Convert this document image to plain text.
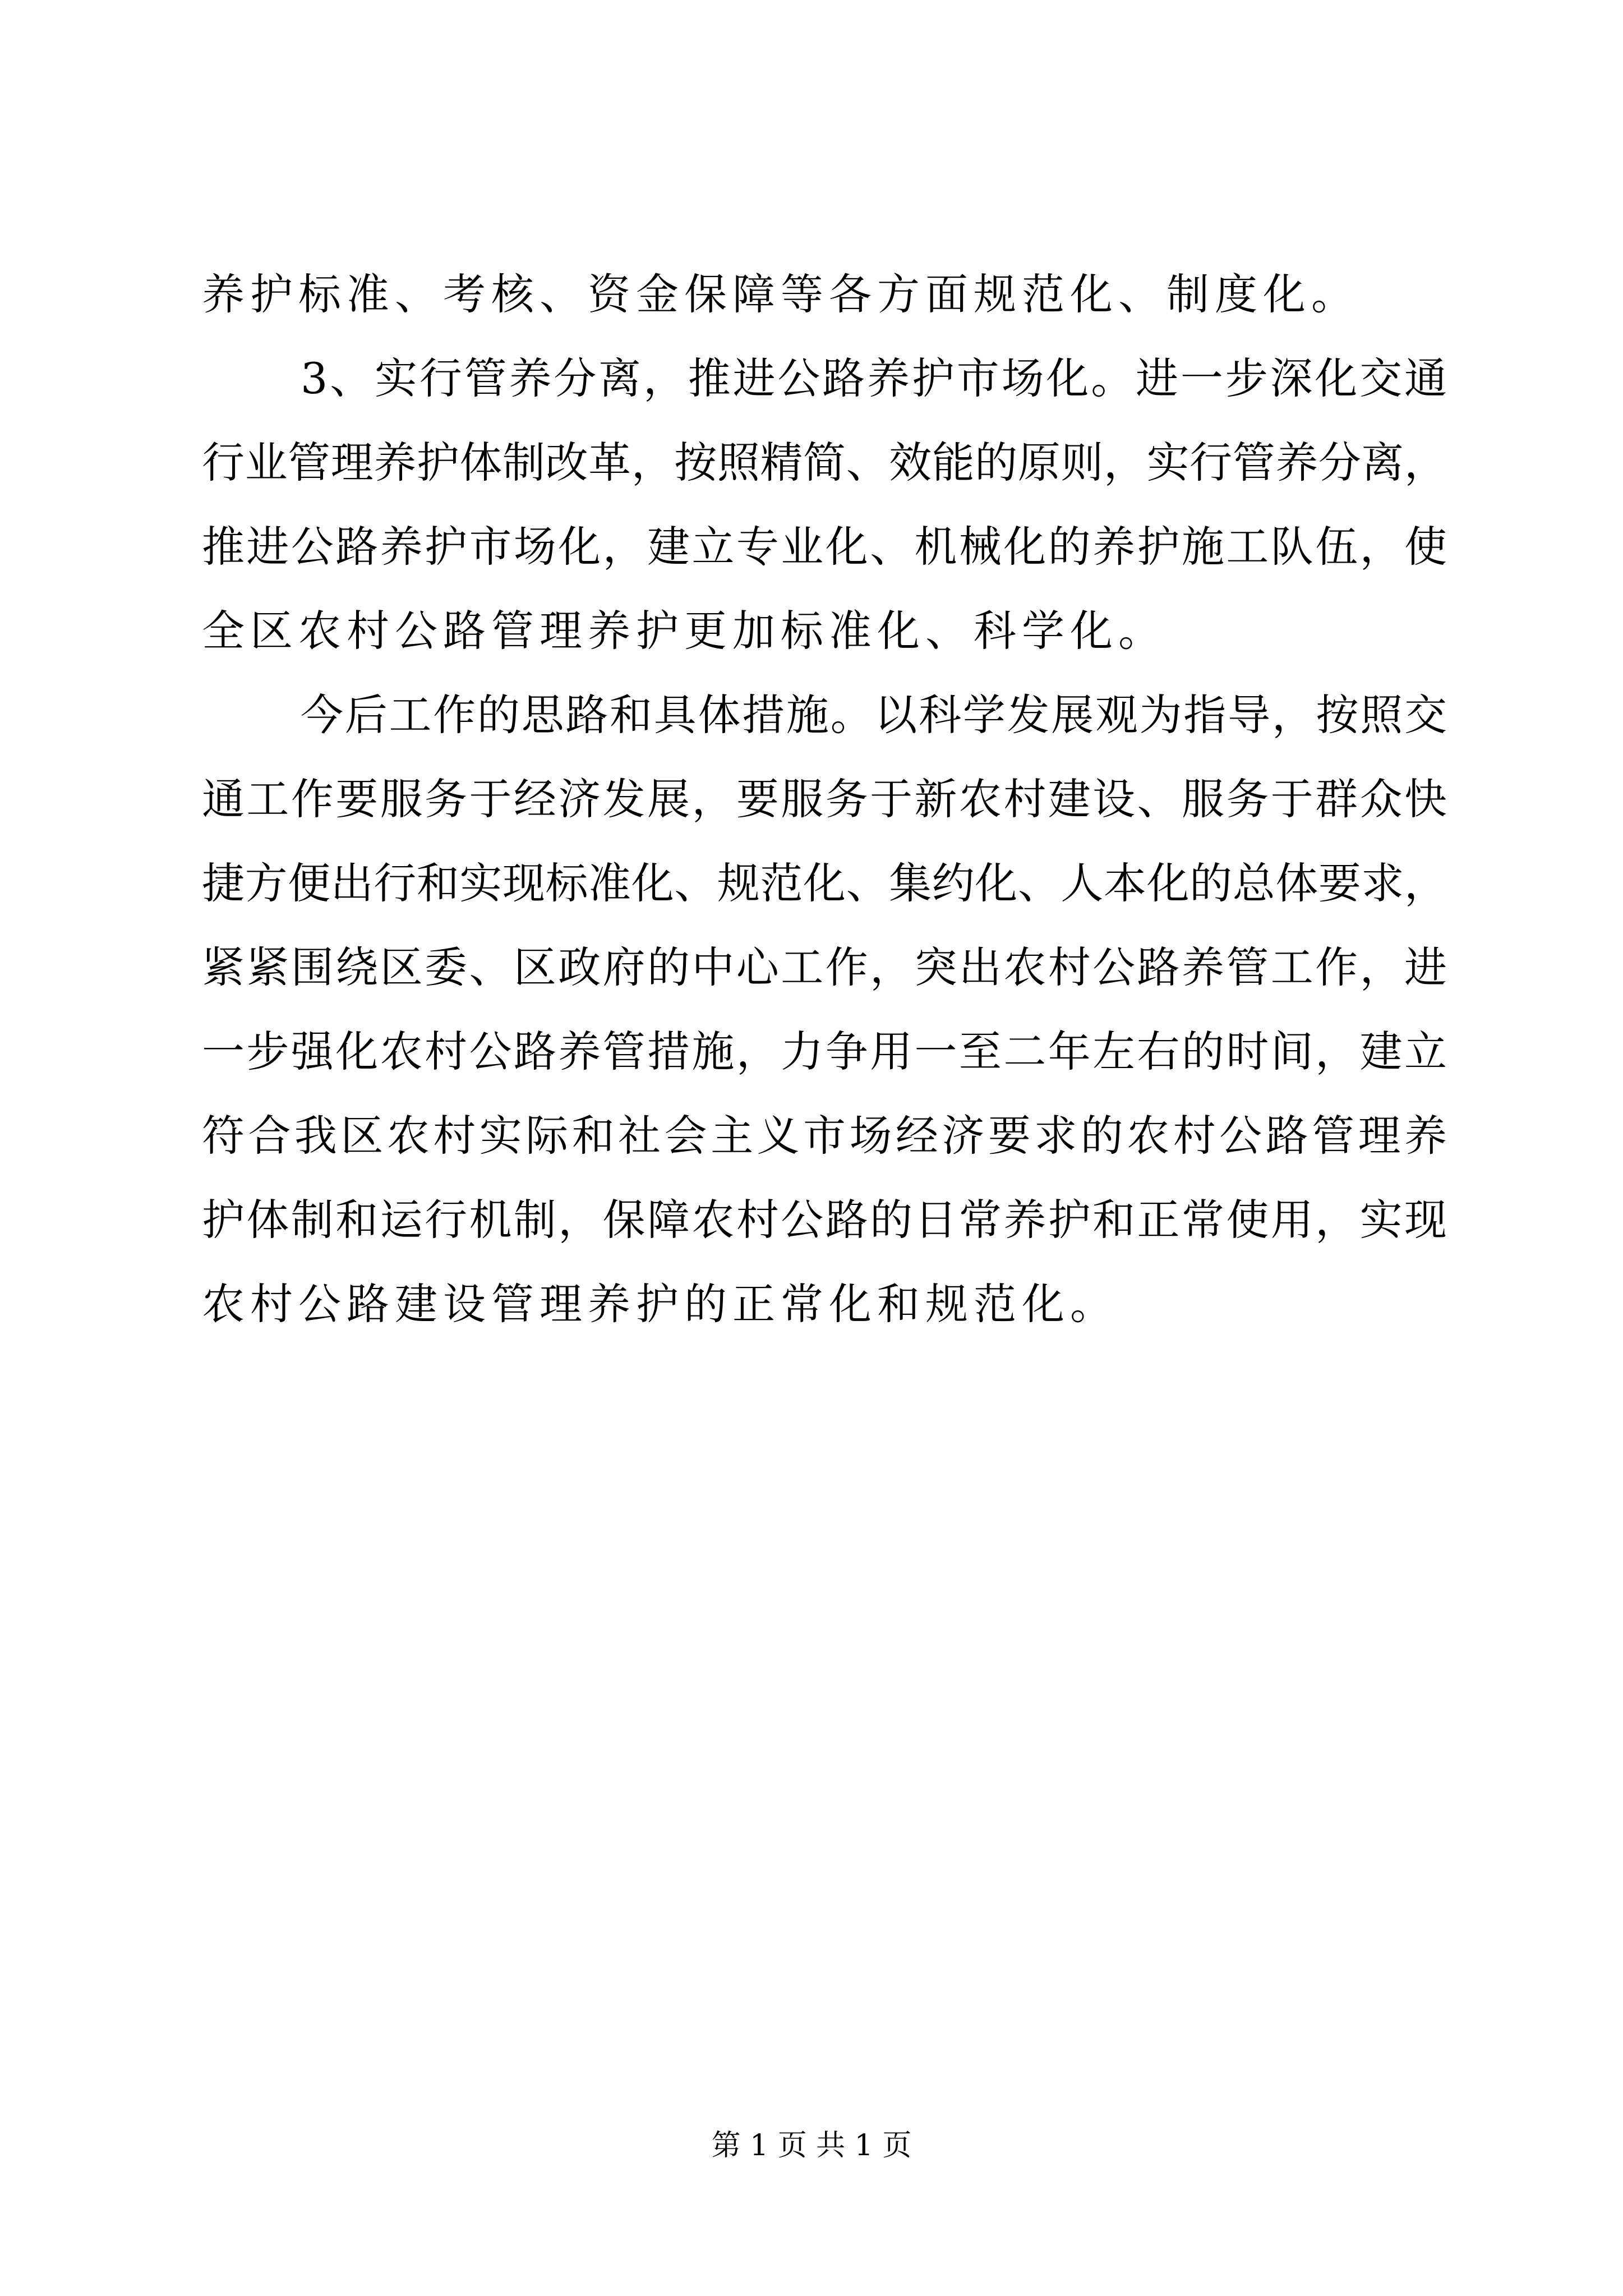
养护标准、考核、资金保障等各方面规范化、制度化。
3、实行管养分离，推进公路养护市场化。进一步深化交通
行业管理养护体制改革，按照精简、效能的原则，实行管养分离，
推进公路养护市场化，建立专业化、机械化的养护施工队伍，使
全区农村公路管理养护更加标准化、科学化。
今后工作的思路和具体措施。以科学发展观为指导，按照交
通工作要服务于经济发展，要服务于新农村建设、服务于群众快
捷方便出行和实现标准化、规范化、集约化、人本化的总体要求，
紧紧围绕区委、区政府的中心工作，突出农村公路养管工作，进
一步强化农村公路养管措施，力争用一至二年左右的时间，建立
符合我区农村实际和社会主义市场经济要求的农村公路管理养
护体制和运行机制，保障农村公路的日常养护和正常使用，实现
农村公路建设管理养护的正常化和规范化。
第 1 页 共 1 页
